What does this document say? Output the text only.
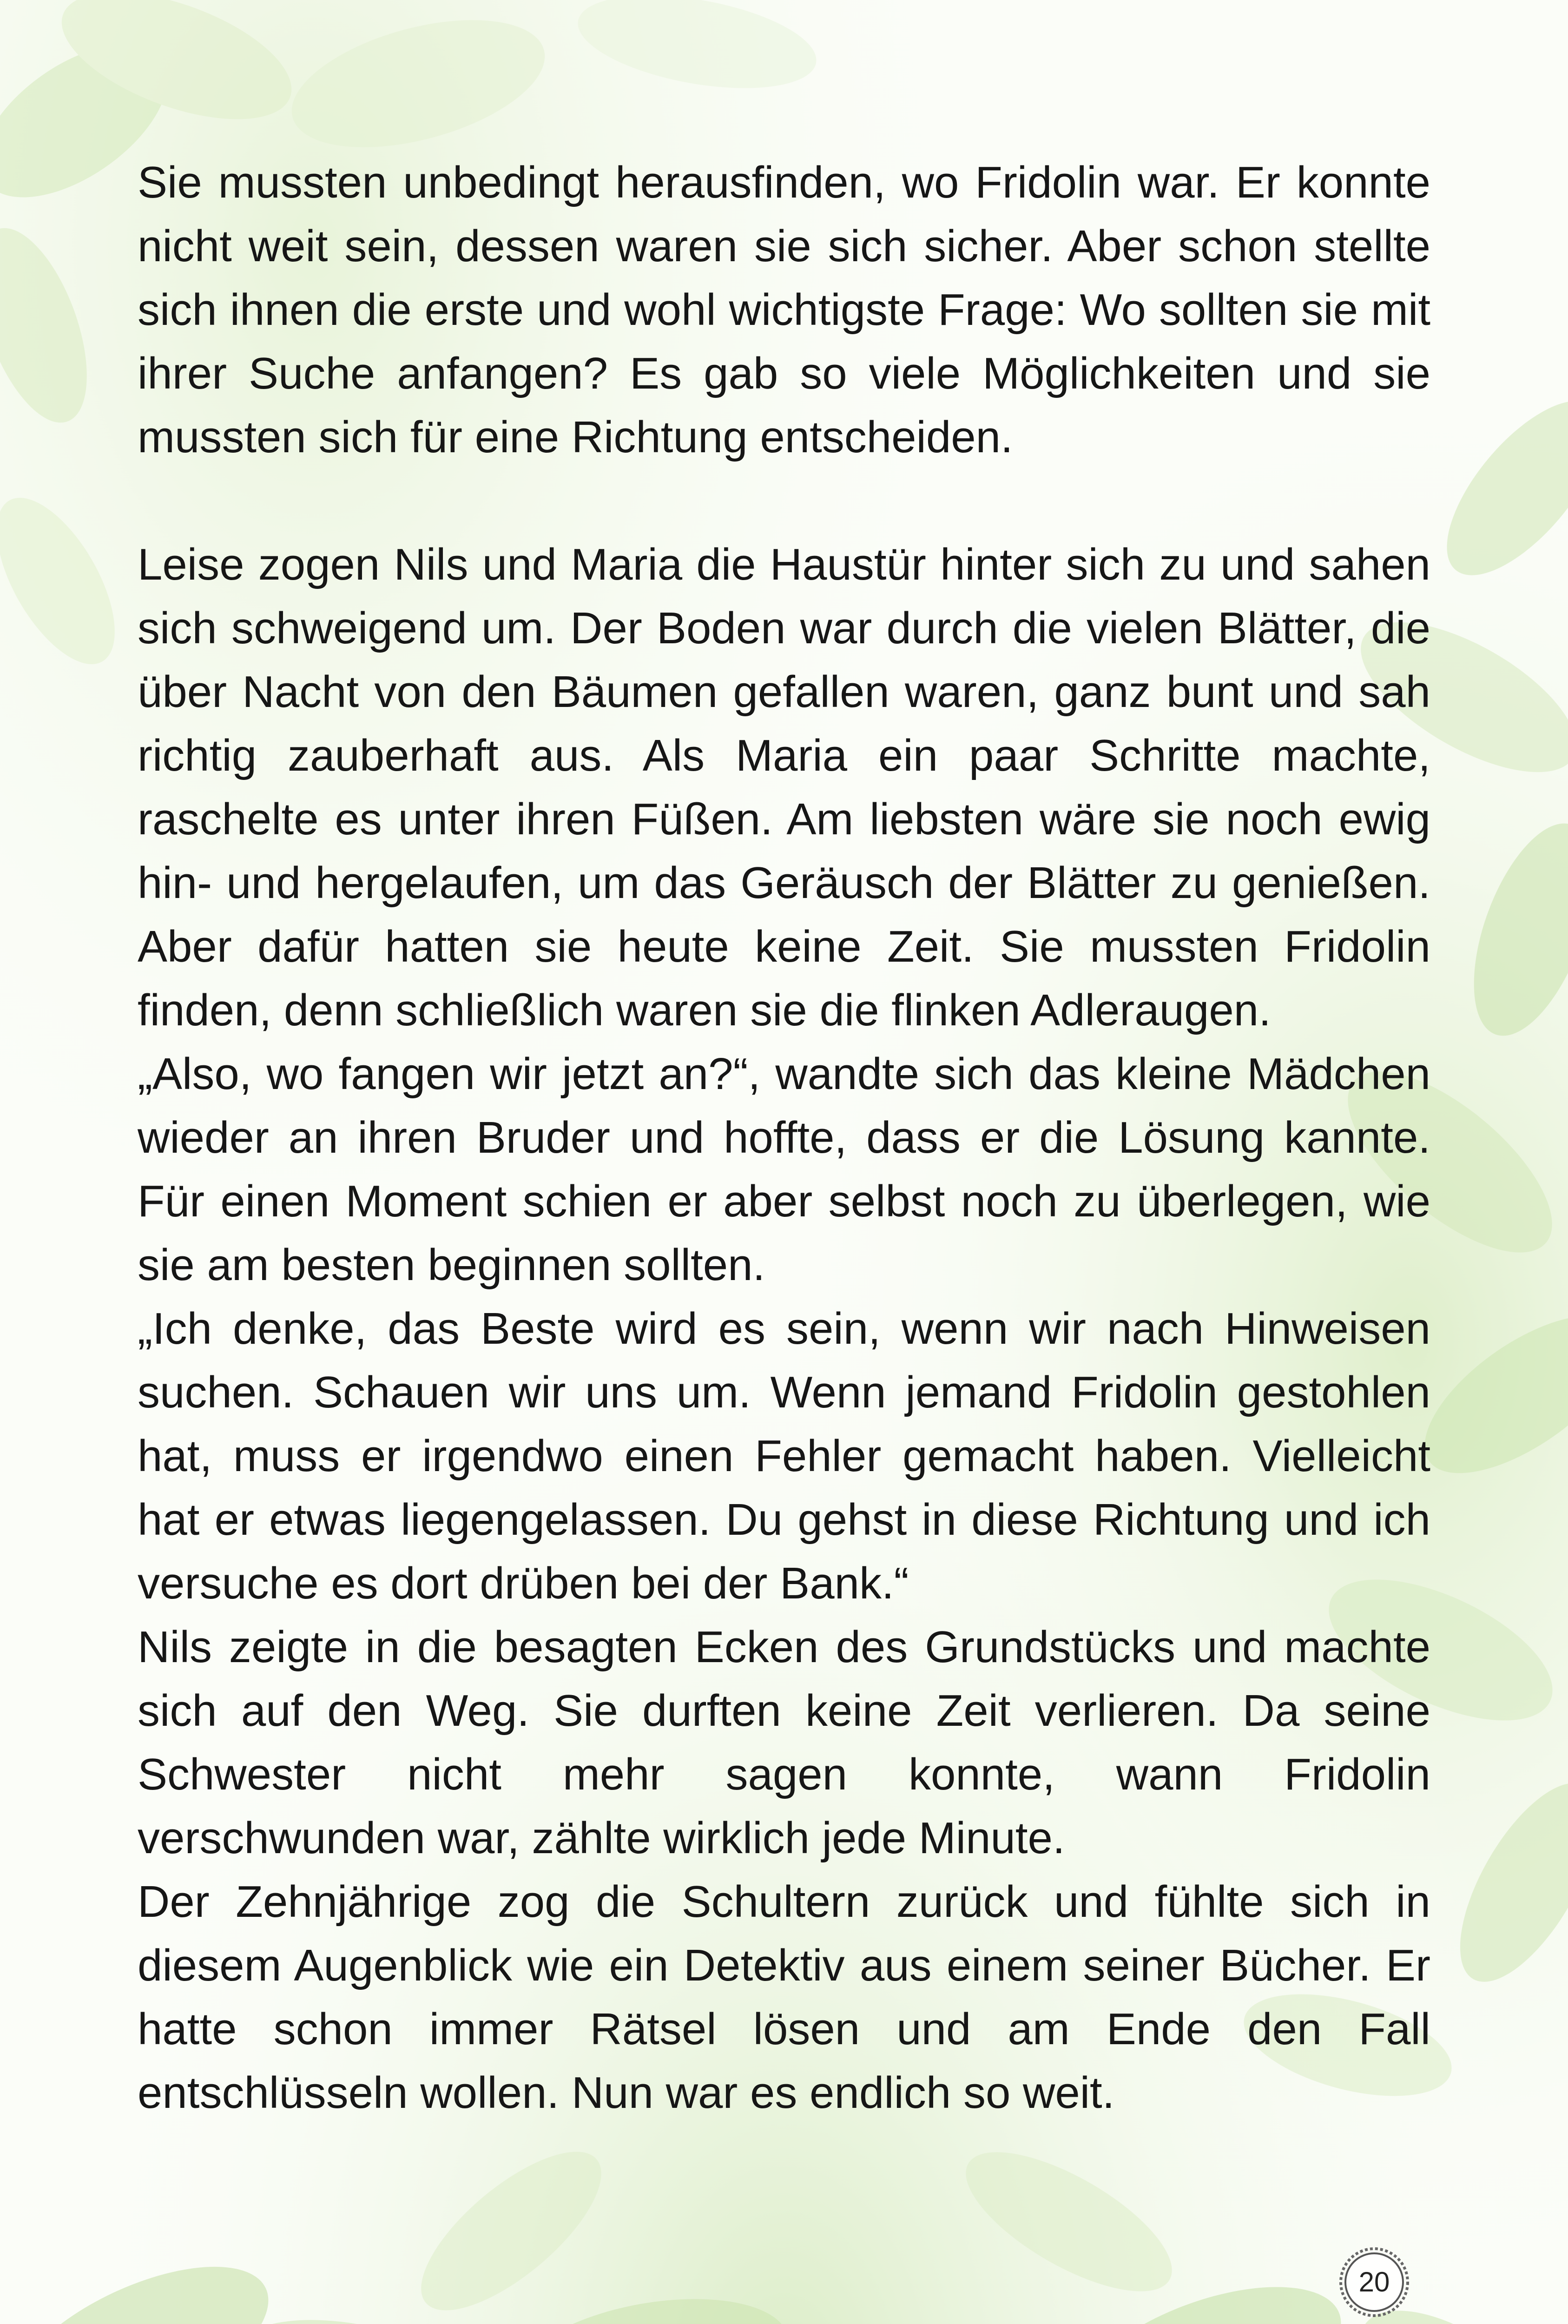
Sie mussten unbedingt herausfinden, wo Fridolin war. Er konnte nicht weit sein, dessen waren sie sich sicher. Aber schon stellte sich ihnen die erste und wohl wichtigste Frage: Wo sollten sie mit ihrer Suche anfangen? Es gab so viele Möglichkeiten und sie mussten sich für eine Richtung entscheiden.

Leise zogen Nils und Maria die Haustür hinter sich zu und sahen sich schweigend um. Der Boden war durch die vielen Blätter, die über Nacht von den Bäumen gefallen waren, ganz bunt und sah richtig zauberhaft aus. Als Maria ein paar Schritte machte, raschelte es unter ihren Füßen. Am liebsten wäre sie noch ewig hin- und hergelaufen, um das Geräusch der Blätter zu genießen. Aber dafür hatten sie heute keine Zeit. Sie mussten Fridolin finden, denn schließlich waren sie die flinken Adleraugen.

„Also, wo fangen wir jetzt an?“, wandte sich das kleine Mädchen wieder an ihren Bruder und hoffte, dass er die Lösung kannte. Für einen Moment schien er aber selbst noch zu überlegen, wie sie am besten beginnen sollten.

„Ich denke, das Beste wird es sein, wenn wir nach Hinweisen suchen. Schauen wir uns um. Wenn jemand Fridolin gestohlen hat, muss er irgendwo einen Fehler gemacht haben. Vielleicht hat er etwas liegengelassen. Du gehst in diese Richtung und ich versuche es dort drüben bei der Bank.“

Nils zeigte in die besagten Ecken des Grundstücks und machte sich auf den Weg. Sie durften keine Zeit verlieren. Da seine Schwester nicht mehr sagen konnte, wann Fridolin verschwunden war, zählte wirklich jede Minute.

Der Zehnjährige zog die Schultern zurück und fühlte sich in diesem Augenblick wie ein Detektiv aus einem seiner Bücher. Er hatte schon immer Rätsel lösen und am Ende den Fall entschlüsseln wollen. Nun war es endlich so weit.

20
